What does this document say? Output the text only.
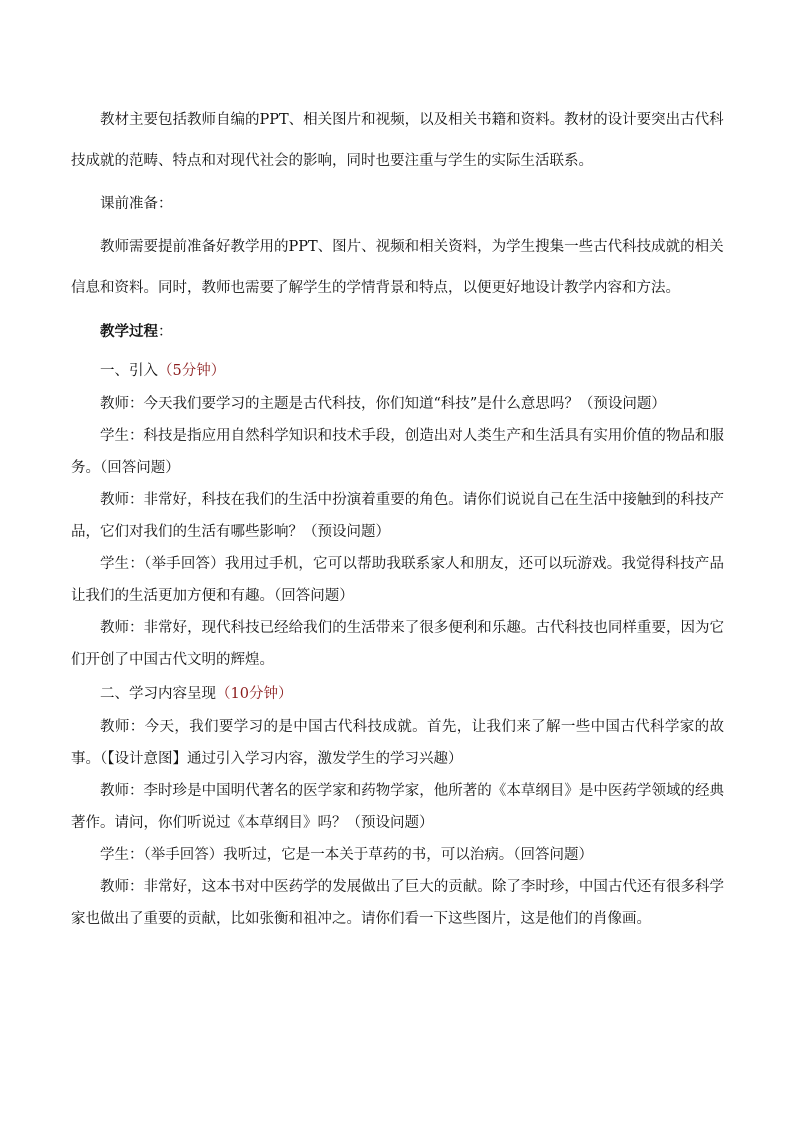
教材主要包括教师自编的PPT、相关图片和视频，以及相关书籍和资料。教材的设计要突出古代科技成就的范畴、特点和对现代社会的影响，同时也要注重与学生的实际生活联系。

课前准备：

教师需要提前准备好教学用的PPT、图片、视频和相关资料，为学生搜集一些古代科技成就的相关信息和资料。同时，教师也需要了解学生的学情背景和特点，以便更好地设计教学内容和方法。

教学过程：

一、引入（5分钟）

教师：今天我们要学习的主题是古代科技，你们知道“科技”是什么意思吗？（预设问题）

学生：科技是指应用自然科学知识和技术手段，创造出对人类生产和生活具有实用价值的物品和服务。（回答问题）

教师：非常好，科技在我们的生活中扮演着重要的角色。请你们说说自己在生活中接触到的科技产品，它们对我们的生活有哪些影响？（预设问题）

学生：（举手回答）我用过手机，它可以帮助我联系家人和朋友，还可以玩游戏。我觉得科技产品让我们的生活更加方便和有趣。（回答问题）

教师：非常好，现代科技已经给我们的生活带来了很多便利和乐趣。古代科技也同样重要，因为它们开创了中国古代文明的辉煌。

二、学习内容呈现（10分钟）

教师：今天，我们要学习的是中国古代科技成就。首先，让我们来了解一些中国古代科学家的故事。（【设计意图】通过引入学习内容，激发学生的学习兴趣）

教师：李时珍是中国明代著名的医学家和药物学家，他所著的《本草纲目》是中医药学领域的经典著作。请问，你们听说过《本草纲目》吗？（预设问题）

学生：（举手回答）我听过，它是一本关于草药的书，可以治病。（回答问题）

教师：非常好，这本书对中医药学的发展做出了巨大的贡献。除了李时珍，中国古代还有很多科学家也做出了重要的贡献，比如张衡和祖冲之。请你们看一下这些图片，这是他们的肖像画。
